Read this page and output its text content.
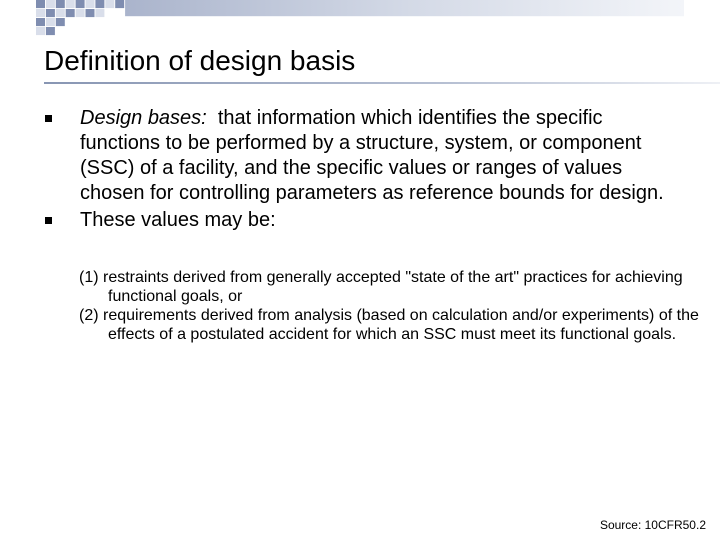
Definition of design basis
Design bases: that information which identifies the specific functions to be performed by a structure, system, or component (SSC) of a facility, and the specific values or ranges of values chosen for controlling parameters as reference bounds for design.
These values may be:
(1) restraints derived from generally accepted "state of the art" practices for achieving functional goals, or
(2) requirements derived from analysis (based on calculation and/or experiments) of the effects of a postulated accident for which an SSC must meet its functional goals.
Source: 10CFR50.2
